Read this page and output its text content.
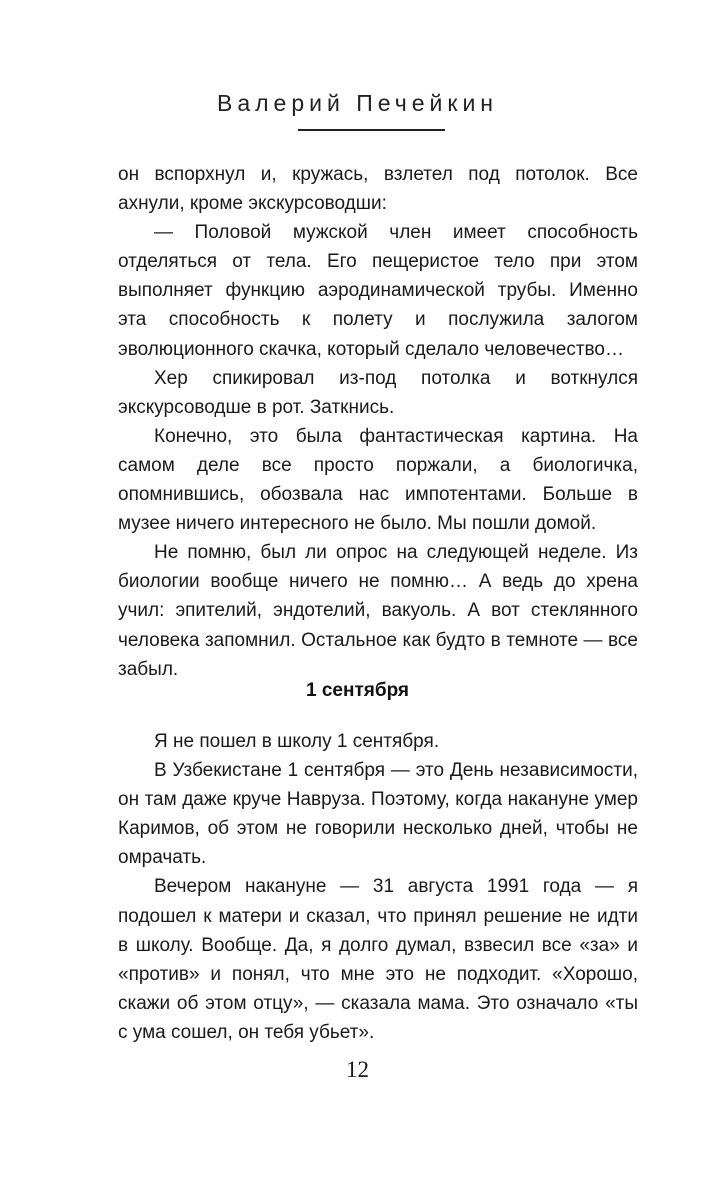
Валерий Печейкин

он вспорхнул и, кружась, взлетел под потолок. Все ахнули, кроме экскурсоводши:

— Половой мужской член имеет способность отделяться от тела. Его пещеристое тело при этом выполняет функцию аэродинамической трубы. Именно эта способность к полету и послужила залогом эволюционного скачка, который сделало человечество…

Хер спикировал из-под потолка и воткнулся экскурсоводше в рот. Заткнись.

Конечно, это была фантастическая картина. На самом деле все просто поржали, а биологичка, опомнившись, обозвала нас импотентами. Больше в музее ничего интересного не было. Мы пошли домой.

Не помню, был ли опрос на следующей неделе. Из биологии вообще ничего не помню… А ведь до хрена учил: эпителий, эндотелий, вакуоль. А вот стеклянного человека запомнил. Остальное как будто в темноте — все забыл.

1 сентября

Я не пошел в школу 1 сентября.

В Узбекистане 1 сентября — это День независимости, он там даже круче Навруза. Поэтому, когда накануне умер Каримов, об этом не говорили несколько дней, чтобы не омрачать.

Вечером накануне — 31 августа 1991 года — я подошел к матери и сказал, что принял решение не идти в школу. Вообще. Да, я долго думал, взвесил все «за» и «против» и понял, что мне это не подходит. «Хорошо, скажи об этом отцу», — сказала мама. Это означало «ты с ума сошел, он тебя убьет».

12
